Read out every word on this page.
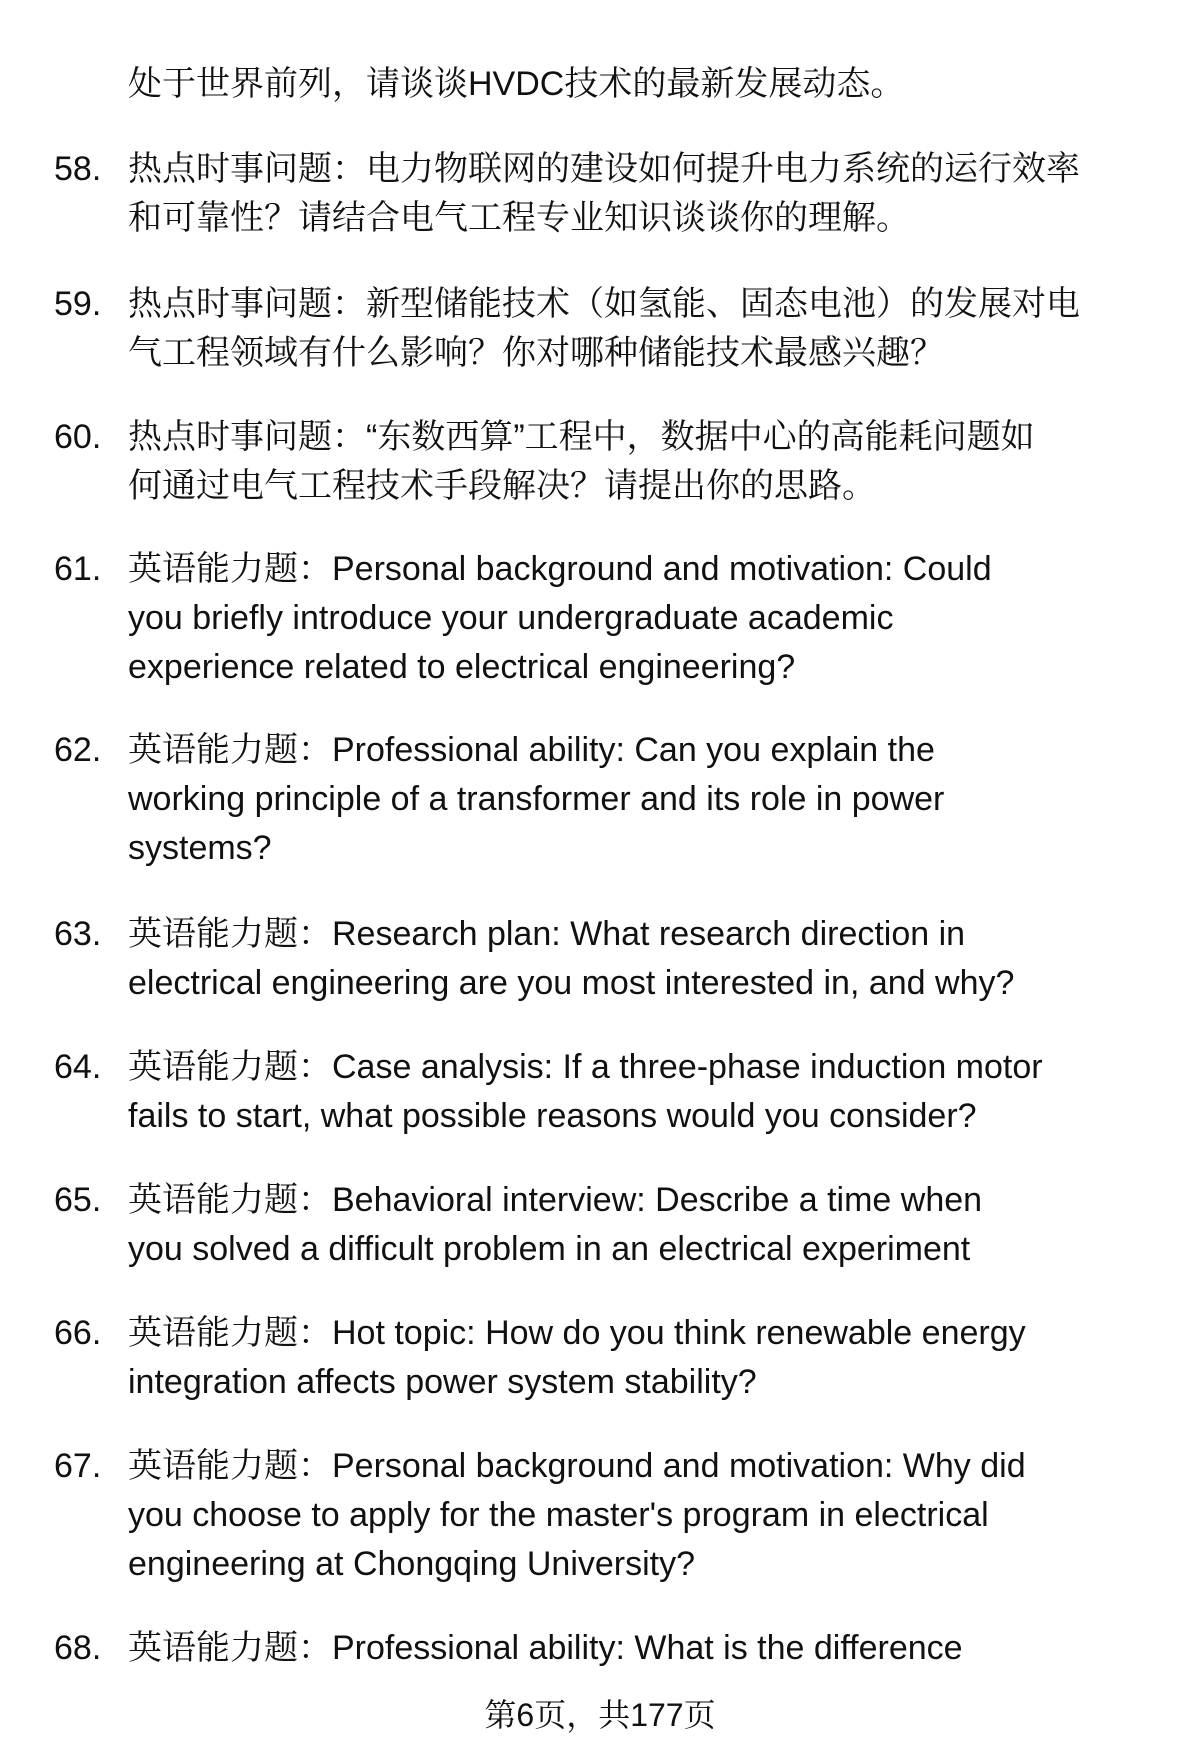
处于世界前列，请谈谈HVDC技术的最新发展动态。
58. 热点时事问题：电力物联网的建设如何提升电力系统的运行效率
和可靠性？请结合电气工程专业知识谈谈你的理解。
59. 热点时事问题：新型储能技术（如氢能、固态电池）的发展对电
气工程领域有什么影响？你对哪种储能技术最感兴趣？
60. 热点时事问题：“东数西算”工程中，数据中心的高能耗问题如
何通过电气工程技术手段解决？请提出你的思路。
61. 英语能力题：Personal background and motivation: Could
you briefly introduce your undergraduate academic
experience related to electrical engineering?
62. 英语能力题：Professional ability: Can you explain the
working principle of a transformer and its role in power
systems?
63. 英语能力题：Research plan: What research direction in
electrical engineering are you most interested in, and why?
64. 英语能力题：Case analysis: If a three-phase induction motor
fails to start, what possible reasons would you consider?
65. 英语能力题：Behavioral interview: Describe a time when
you solved a difficult problem in an electrical experiment
66. 英语能力题：Hot topic: How do you think renewable energy
integration affects power system stability?
67. 英语能力题：Personal background and motivation: Why did
you choose to apply for the master's program in electrical
engineering at Chongqing University?
68. 英语能力题：Professional ability: What is the difference
第6页，共177页
